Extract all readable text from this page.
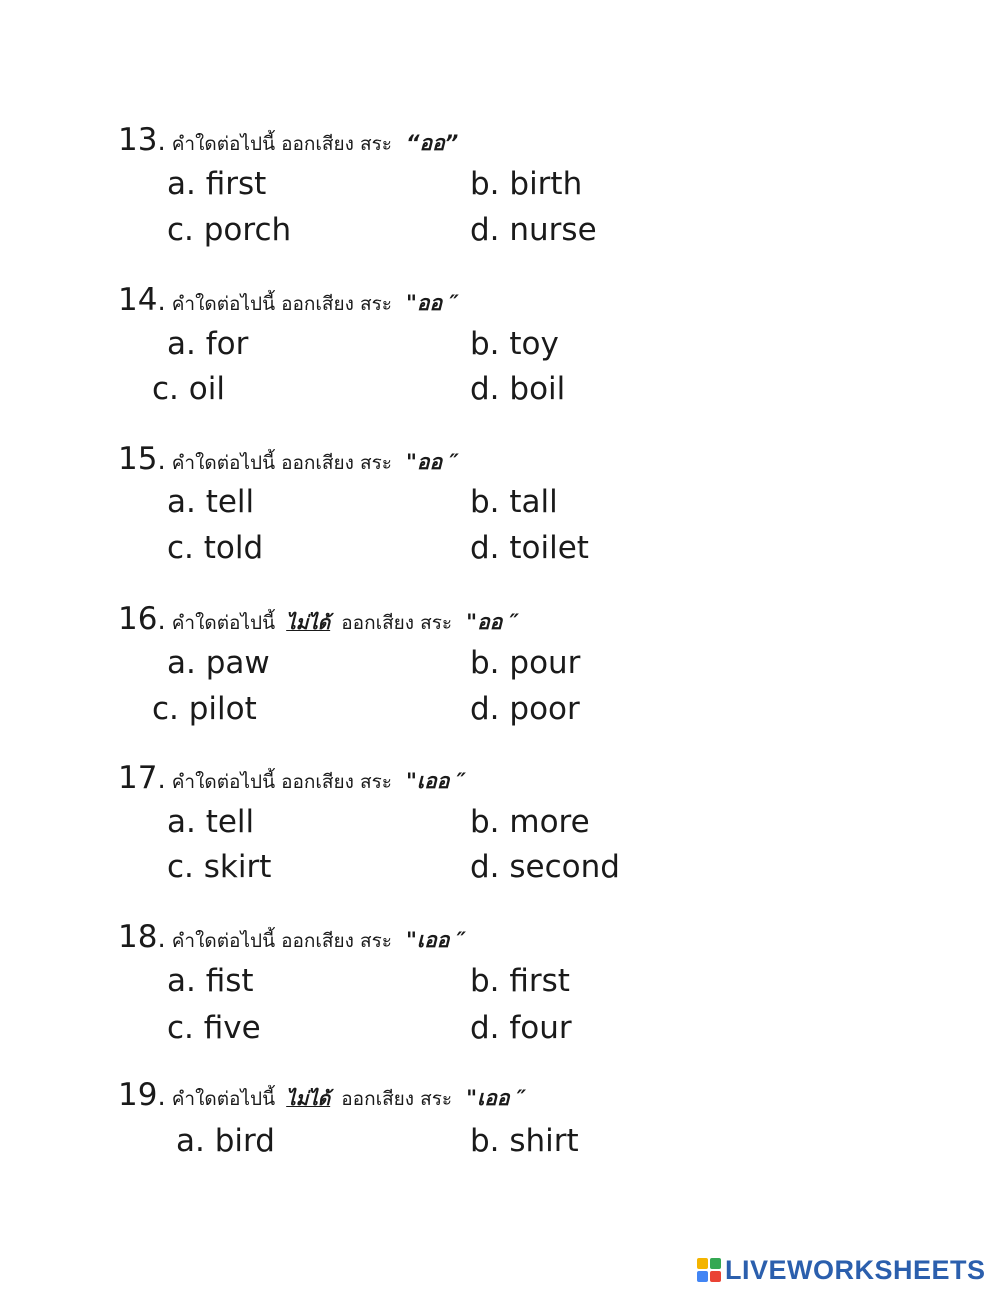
13. คำใดต่อไปนี้ ออกเสียง สระ “ออ”
a. first	b. birth
c. porch	d. nurse
14. คำใดต่อไปนี้ ออกเสียง สระ "ออ ″
a. for	b. toy
c. oil	d. boil
15. คำใดต่อไปนี้ ออกเสียง สระ "ออ ″
a. tell	b. tall
c. told	d. toilet
16. คำใดต่อไปนี้ ไม่ได้ ออกเสียง สระ "ออ ″
a. paw	b. pour
c. pilot	d. poor
17. คำใดต่อไปนี้ ออกเสียง สระ "เออ ″
a. tell	b. more
c. skirt	d. second
18. คำใดต่อไปนี้ ออกเสียง สระ "เออ ″
a. fist	b. first
c. five	d. four
19. คำใดต่อไปนี้ ไม่ได้ ออกเสียง สระ "เออ ″
a. bird	b. shirt
LIVEWORKSHEETS
